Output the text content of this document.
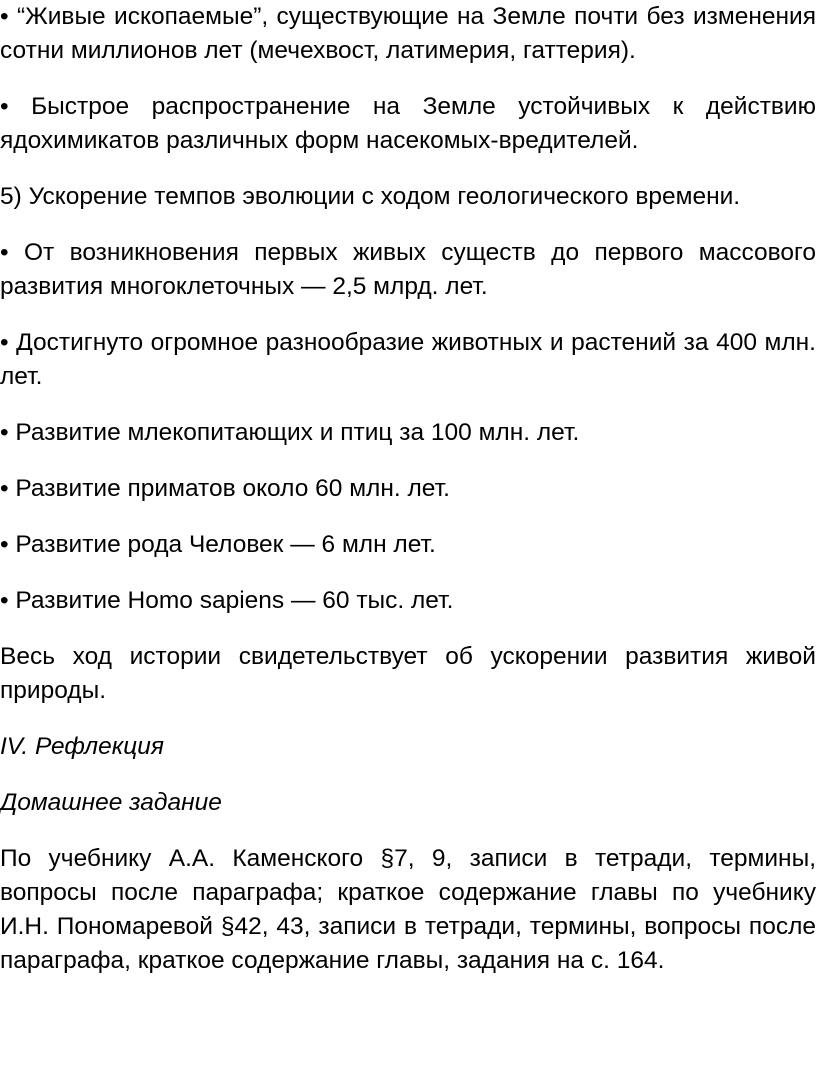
• “Живые ископаемые”, существующие на Земле почти без изменения сотни миллионов лет (мечехвост, латимерия, гаттерия).

• Быстрое распространение на Земле устойчивых к действию ядохимикатов различных форм насекомых-вредителей.

5) Ускорение темпов эволюции с ходом геологического времени.

• От возникновения первых живых существ до первого массового развития многоклеточных — 2,5 млрд. лет.

• Достигнуто огромное разнообразие животных и растений за 400 млн. лет.

• Развитие млекопитающих и птиц за 100 млн. лет.

• Развитие приматов около 60 млн. лет.

• Развитие рода Человек — 6 млн лет.

• Развитие Homo sapiens — 60 тыс. лет.

Весь ход истории свидетельствует об ускорении развития живой природы.

IV. Рефлекция

Домашнее задание

По учебнику А.А. Каменского §7, 9, записи в тетради, термины, вопросы после параграфа; краткое содержание главы по учебнику И.Н. Пономаревой §42, 43, записи в тетради, термины, вопросы после параграфа, краткое содержание главы, задания на с. 164.
